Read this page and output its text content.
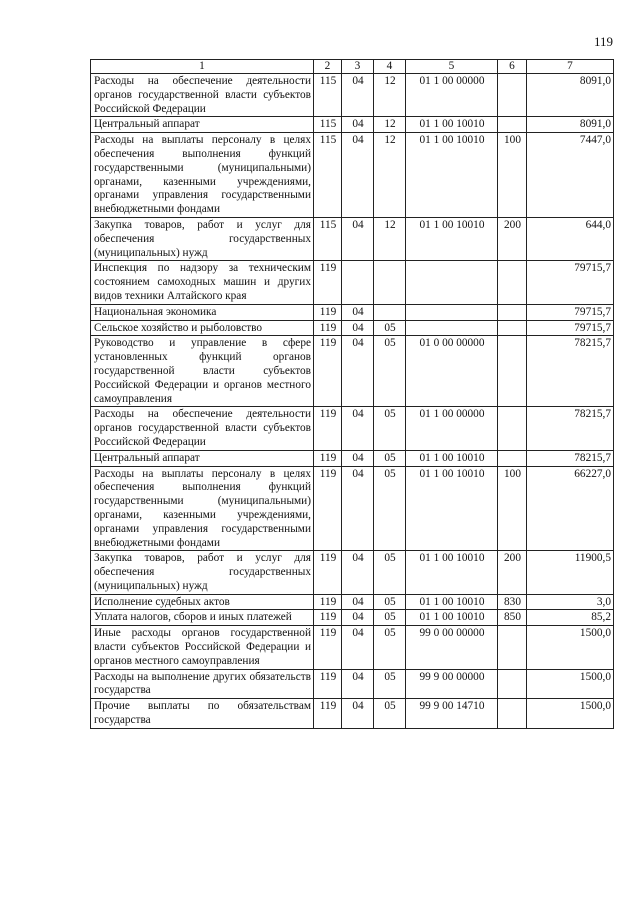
119
1	2	3	4	5	6	7
Расходы на обеспечение деятельности органов государственной власти субъектов Российской Федерации	115	04	12	01 1 00 00000		8091,0
Центральный аппарат	115	04	12	01 1 00 10010		8091,0
Расходы на выплаты персоналу в целях обеспечения выполнения функций государственными (муниципальными) органами, казенными учреждениями, органами управления государственными внебюджетными фондами	115	04	12	01 1 00 10010	100	7447,0
Закупка товаров, работ и услуг для обеспечения государственных (муниципальных) нужд	115	04	12	01 1 00 10010	200	644,0
Инспекция по надзору за техническим состоянием самоходных машин и других видов техники Алтайского края	119					79715,7
Национальная экономика	119	04				79715,7
Сельское хозяйство и рыболовство	119	04	05			79715,7
Руководство и управление в сфере установленных функций органов государственной власти субъектов Российской Федерации и органов местного самоуправления	119	04	05	01 0 00 00000		78215,7
Расходы на обеспечение деятельности органов государственной власти субъектов Российской Федерации	119	04	05	01 1 00 00000		78215,7
Центральный аппарат	119	04	05	01 1 00 10010		78215,7
Расходы на выплаты персоналу в целях обеспечения выполнения функций государственными (муниципальными) органами, казенными учреждениями, органами управления государственными внебюджетными фондами	119	04	05	01 1 00 10010	100	66227,0
Закупка товаров, работ и услуг для обеспечения государственных (муниципальных) нужд	119	04	05	01 1 00 10010	200	11900,5
Исполнение судебных актов	119	04	05	01 1 00 10010	830	3,0
Уплата налогов, сборов и иных платежей	119	04	05	01 1 00 10010	850	85,2
Иные расходы органов государственной власти субъектов Российской Федерации и органов местного самоуправления	119	04	05	99 0 00 00000		1500,0
Расходы на выполнение других обязательств государства	119	04	05	99 9 00 00000		1500,0
Прочие выплаты по обязательствам государства	119	04	05	99 9 00 14710		1500,0
